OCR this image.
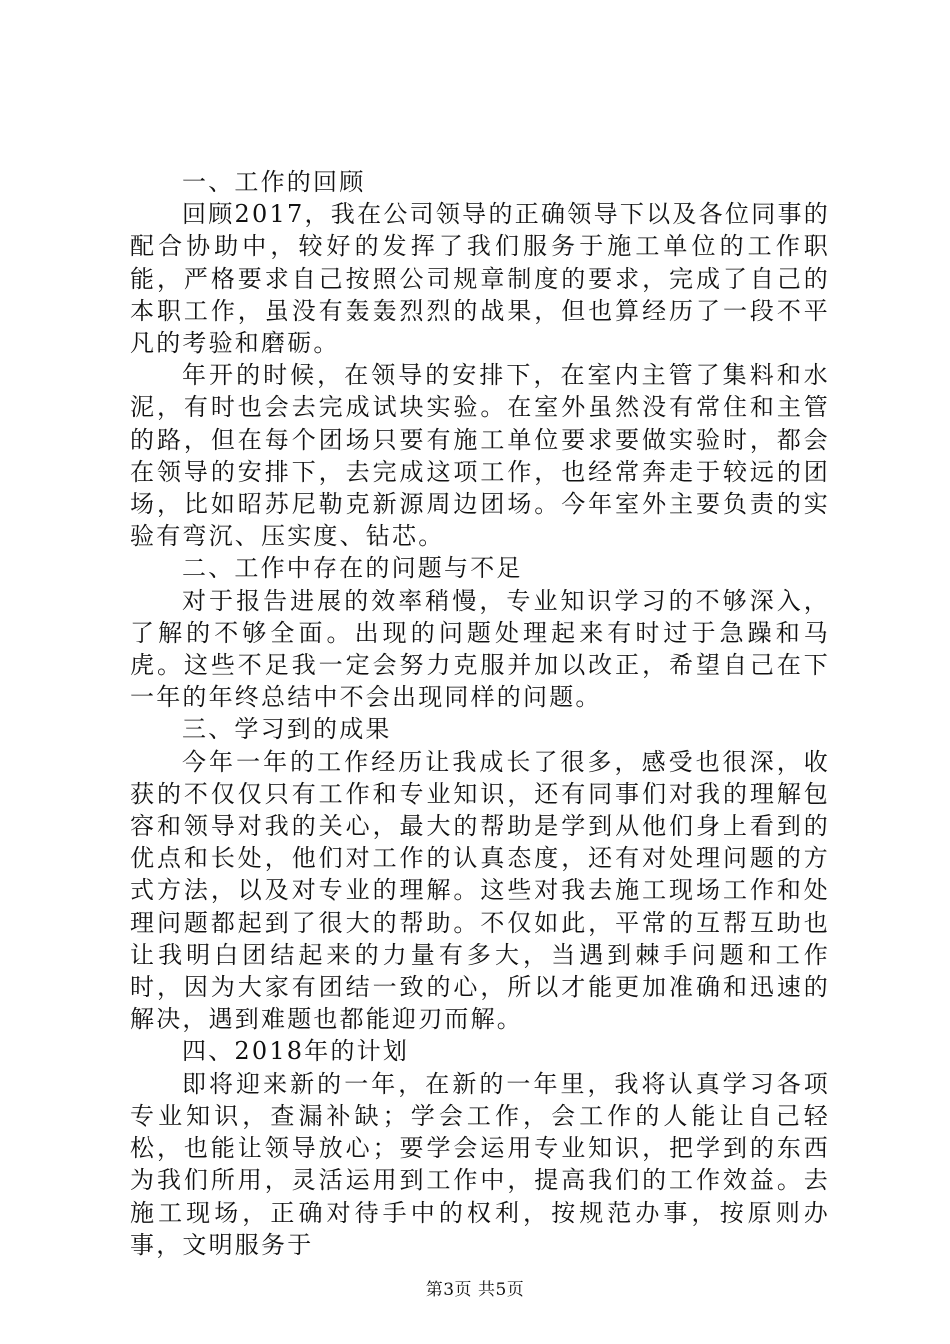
一、工作的回顾

回顾2017，我在公司领导的正确领导下以及各位同事的配合协助中，较好的发挥了我们服务于施工单位的工作职能，严格要求自己按照公司规章制度的要求，完成了自己的本职工作，虽没有轰轰烈烈的战果，但也算经历了一段不平凡的考验和磨砺。

年开的时候，在领导的安排下，在室内主管了集料和水泥，有时也会去完成试块实验。在室外虽然没有常住和主管的路，但在每个团场只要有施工单位要求要做实验时，都会在领导的安排下，去完成这项工作，也经常奔走于较远的团场，比如昭苏尼勒克新源周边团场。今年室外主要负责的实验有弯沉、压实度、钻芯。

二、工作中存在的问题与不足

对于报告进展的效率稍慢，专业知识学习的不够深入，了解的不够全面。出现的问题处理起来有时过于急躁和马虎。这些不足我一定会努力克服并加以改正，希望自己在下一年的年终总结中不会出现同样的问题。

三、学习到的成果

今年一年的工作经历让我成长了很多，感受也很深，收获的不仅仅只有工作和专业知识，还有同事们对我的理解包容和领导对我的关心，最大的帮助是学到从他们身上看到的优点和长处，他们对工作的认真态度，还有对处理问题的方式方法，以及对专业的理解。这些对我去施工现场工作和处理问题都起到了很大的帮助。不仅如此，平常的互帮互助也让我明白团结起来的力量有多大，当遇到棘手问题和工作时，因为大家有团结一致的心，所以才能更加准确和迅速的解决，遇到难题也都能迎刃而解。

四、2018年的计划

即将迎来新的一年，在新的一年里，我将认真学习各项专业知识，查漏补缺；学会工作，会工作的人能让自己轻松，也能让领导放心；要学会运用专业知识，把学到的东西为我们所用，灵活运用到工作中，提高我们的工作效益。去施工现场，正确对待手中的权利，按规范办事，按原则办事，文明服务于

第3页 共5页
